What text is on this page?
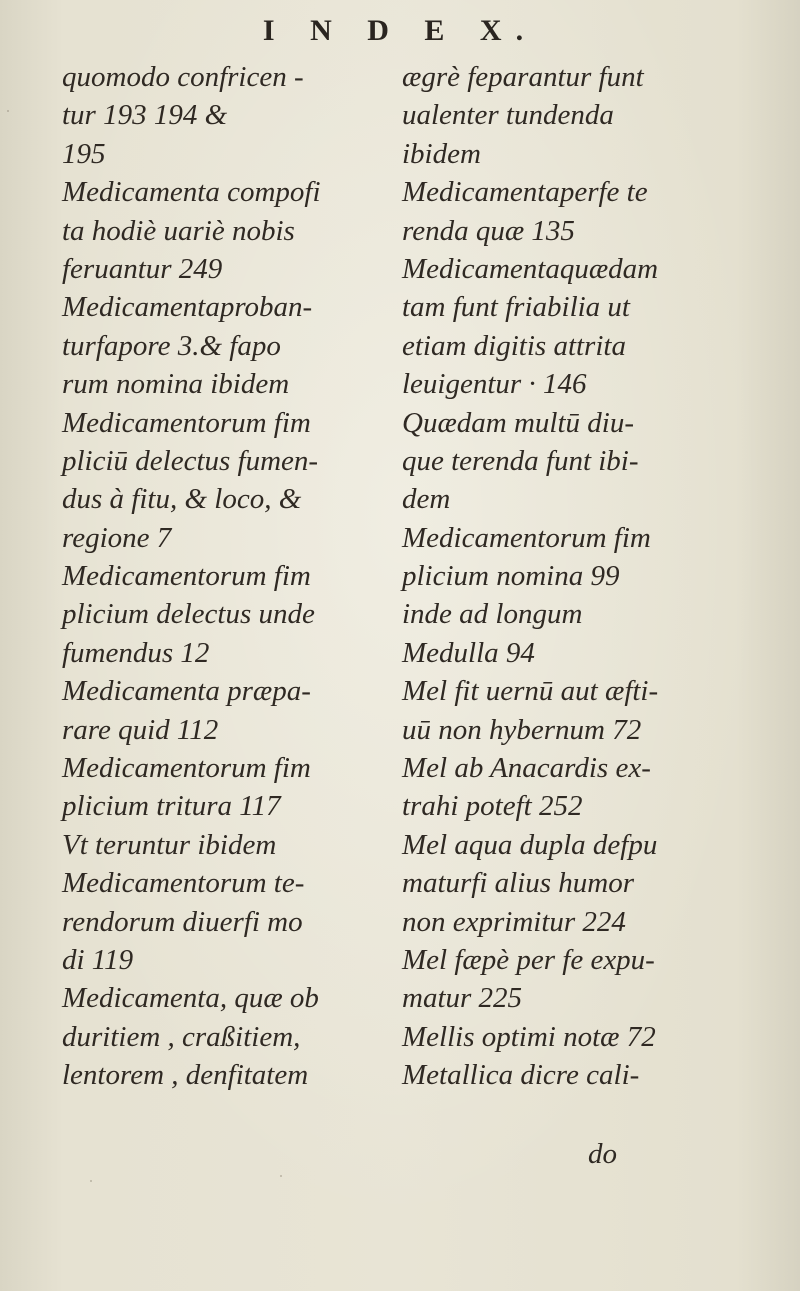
I N D E X.
quomodo confricen -
tur 193 194 &
195
Medicamenta compofi
ta hodiè uariè nobis
feruantur 249
Medicamentaproban-
turfapore 3.& fapo
rum nomina ibidem
Medicamentorum fim
pliciū delectus fumen-
dus à fitu, & loco, &
regione 7
Medicamentorum fim
plicium delectus unde
fumendus 12
Medicamenta præpa-
rare quid 112
Medicamentorum fim
plicium tritura 117
Vt teruntur ibidem
Medicamentorum te-
rendorum diuerfi mo
di 119
Medicamenta, quæ ob
duritiem , craßitiem,
lentorem , denfitatem
ægrè feparantur funt
ualenter tundenda
ibidem
Medicamentaperfe te
renda quæ 135
Medicamentaquædam
tam funt friabilia ut
etiam digitis attrita
leuigentur · 146
Quædam multū diu-
que terenda funt ibi-
dem
Medicamentorum fim
plicium nomina 99
inde ad longum
Medulla 94
Mel fit uernū aut æfti-
uū non hybernum 72
Mel ab Anacardis ex-
trahi poteft 252
Mel aqua dupla defpu
maturfi alius humor
non exprimitur 224
Mel fæpè per fe expu-
matur 225
Mellis optimi notæ 72
Metallica dicre cali-
do
